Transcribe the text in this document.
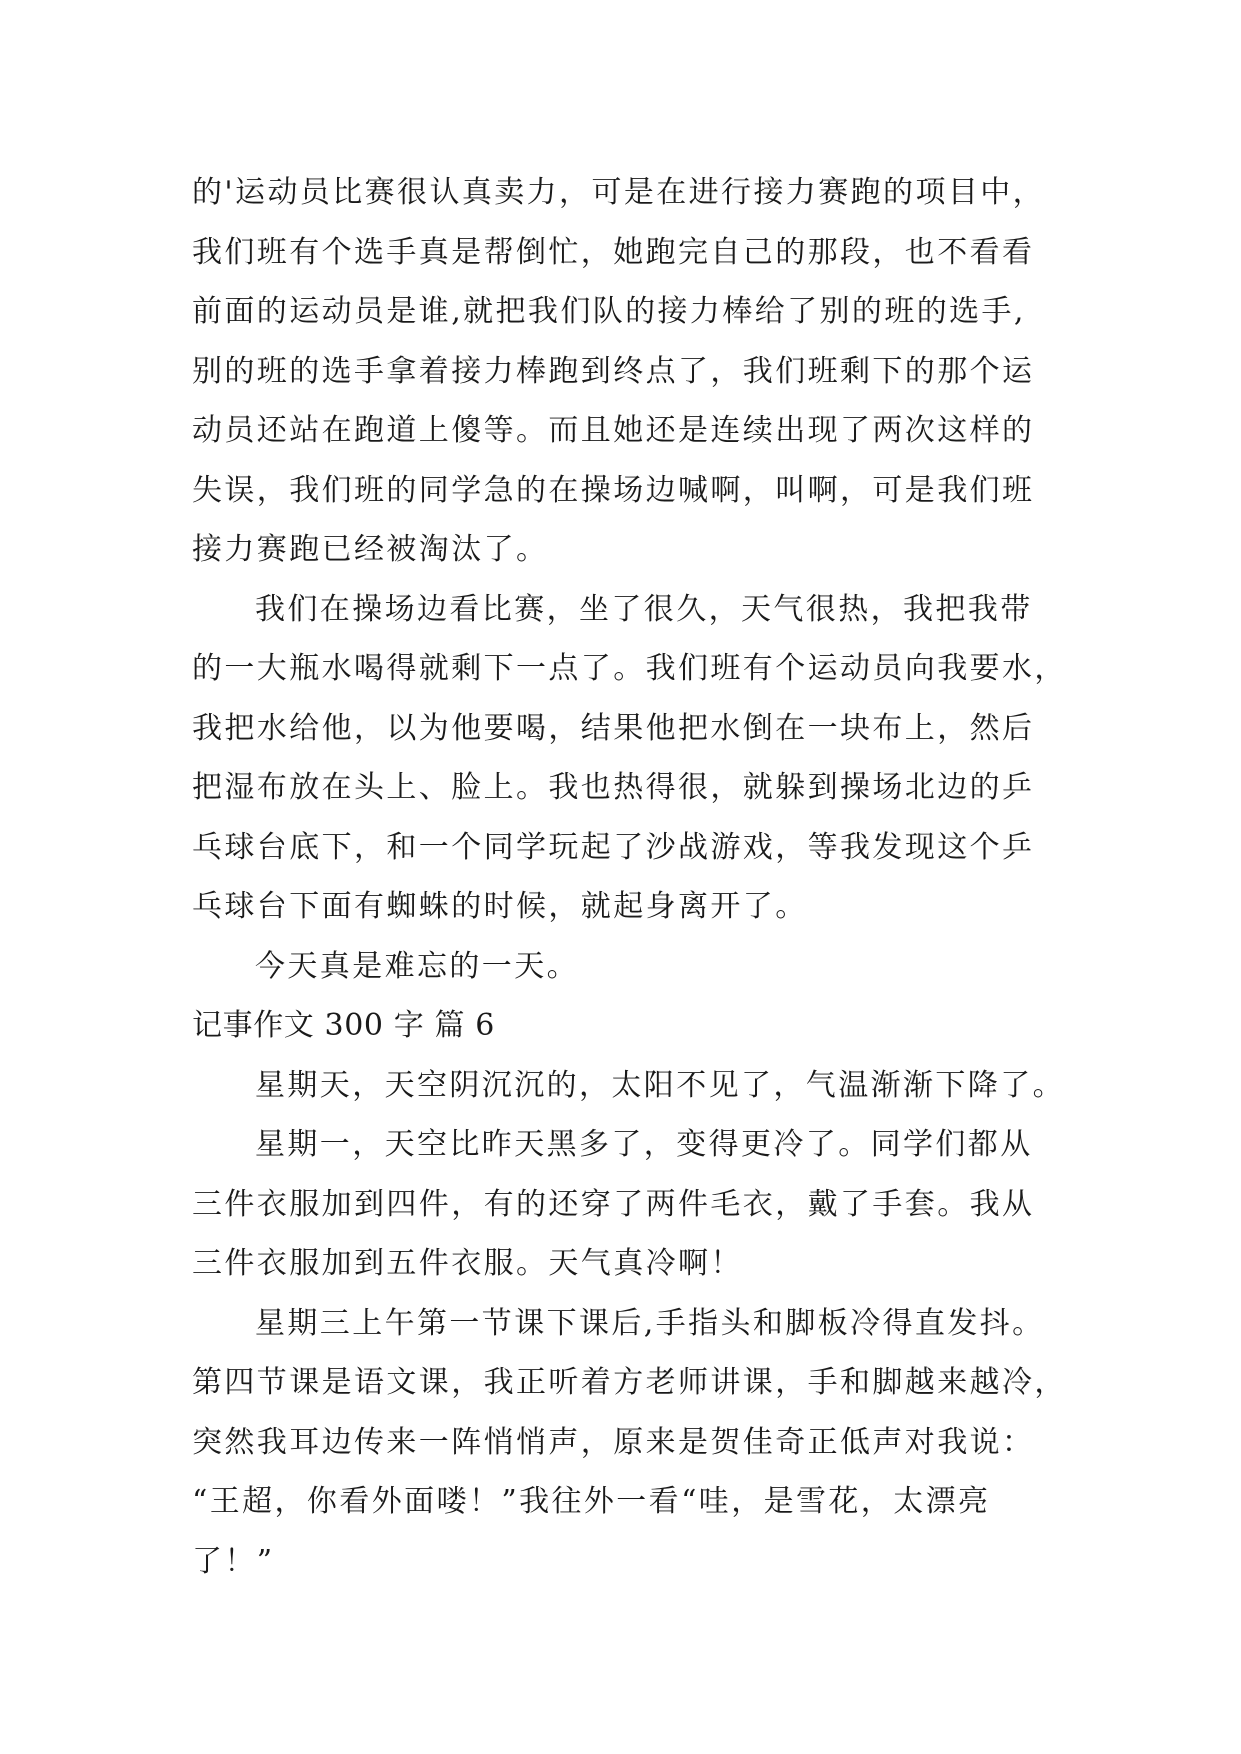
的'运动员比赛很认真卖力，可是在进行接力赛跑的项目中，
我们班有个选手真是帮倒忙，她跑完自己的那段，也不看看
前面的运动员是谁,就把我们队的接力棒给了别的班的选手,
别的班的选手拿着接力棒跑到终点了，我们班剩下的那个运
动员还站在跑道上傻等。而且她还是连续出现了两次这样的
失误，我们班的同学急的在操场边喊啊，叫啊，可是我们班
接力赛跑已经被淘汰了。
我们在操场边看比赛，坐了很久，天气很热，我把我带
的一大瓶水喝得就剩下一点了。我们班有个运动员向我要水，
我把水给他，以为他要喝，结果他把水倒在一块布上，然后
把湿布放在头上、脸上。我也热得很，就躲到操场北边的乒
乓球台底下，和一个同学玩起了沙战游戏，等我发现这个乒
乓球台下面有蜘蛛的时候，就起身离开了。
今天真是难忘的一天。
记事作文 300 字 篇 6
星期天，天空阴沉沉的，太阳不见了，气温渐渐下降了。
星期一，天空比昨天黑多了，变得更冷了。同学们都从
三件衣服加到四件，有的还穿了两件毛衣，戴了手套。我从
三件衣服加到五件衣服。天气真冷啊！
星期三上午第一节课下课后,手指头和脚板冷得直发抖。
第四节课是语文课，我正听着方老师讲课，手和脚越来越冷，
突然我耳边传来一阵悄悄声，原来是贺佳奇正低声对我说：
“王超，你看外面喽！”我往外一看“哇，是雪花，太漂亮
了！”
